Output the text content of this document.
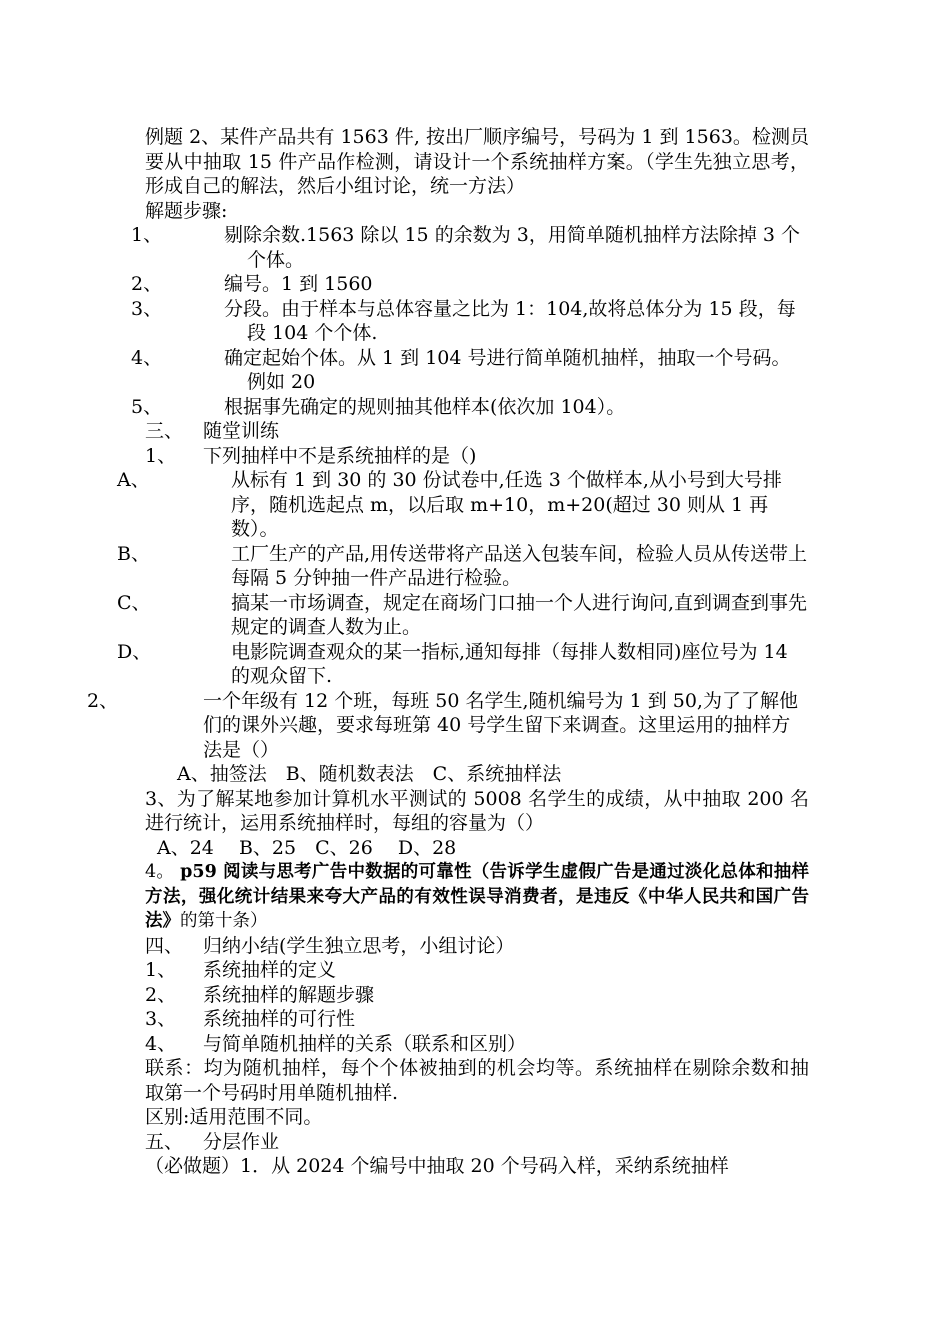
例题 2、某件产品共有 1563 件, 按出厂顺序编号，号码为 1 到 1563。检测员要从中抽取 15 件产品作检测，请设计一个系统抽样方案。（学生先独立思考，形成自己的解法，然后小组讨论，统一方法）

解题步骤:

1、	剔除余数.1563 除以 15 的余数为 3，用简单随机抽样方法除掉 3 个个体。

2、	编号。1 到 1560

3、	分段。由于样本与总体容量之比为 1：104,故将总体分为 15 段，每段 104 个个体.

4、	确定起始个体。从 1 到 104 号进行简单随机抽样，抽取一个号码。例如 20

5、	根据事先确定的规则抽其他样本(依次加 104）。

三、 随堂训练

1、 下列抽样中不是系统抽样的是（)

A、	从标有 1 到 30 的 30 份试卷中,任选 3 个做样本,从小号到大号排序，随机选起点 m，以后取 m+10，m+20(超过 30 则从 1 再数）。

B、	工厂生产的产品,用传送带将产品送入包装车间，检验人员从传送带上每隔 5 分钟抽一件产品进行检验。

C、	搞某一市场调查，规定在商场门口抽一个人进行询问,直到调查到事先规定的调查人数为止。

D、	电影院调查观众的某一指标,通知每排（每排人数相同)座位号为 14 的观众留下.

2、	一个年级有 12 个班，每班 50 名学生,随机编号为 1 到 50,为了了解他们的课外兴趣，要求每班第 40 号学生留下来调查。这里运用的抽样方法是（）

A、抽签法　B、随机数表法　C、系统抽样法

3、为了解某地参加计算机水平测试的 5008 名学生的成绩，从中抽取 200 名进行统计，运用系统抽样时，每组的容量为（）

A、24　 B、25　C、26　 D、28

4。 p59 阅读与思考广告中数据的可靠性（告诉学生虚假广告是通过淡化总体和抽样方法，强化统计结果来夸大产品的有效性误导消费者，是违反《中华人民共和国广告法》的第十条）

四、 归纳小结(学生独立思考，小组讨论）

1、 系统抽样的定义

2、 系统抽样的解题步骤

3、 系统抽样的可行性

4、 与简单随机抽样的关系（联系和区别）

联系：均为随机抽样，每个个体被抽到的机会均等。系统抽样在剔除余数和抽取第一个号码时用单随机抽样.

区别:适用范围不同。

五、 分层作业

（必做题）1．从 2024 个编号中抽取 20 个号码入样，采纳系统抽样
